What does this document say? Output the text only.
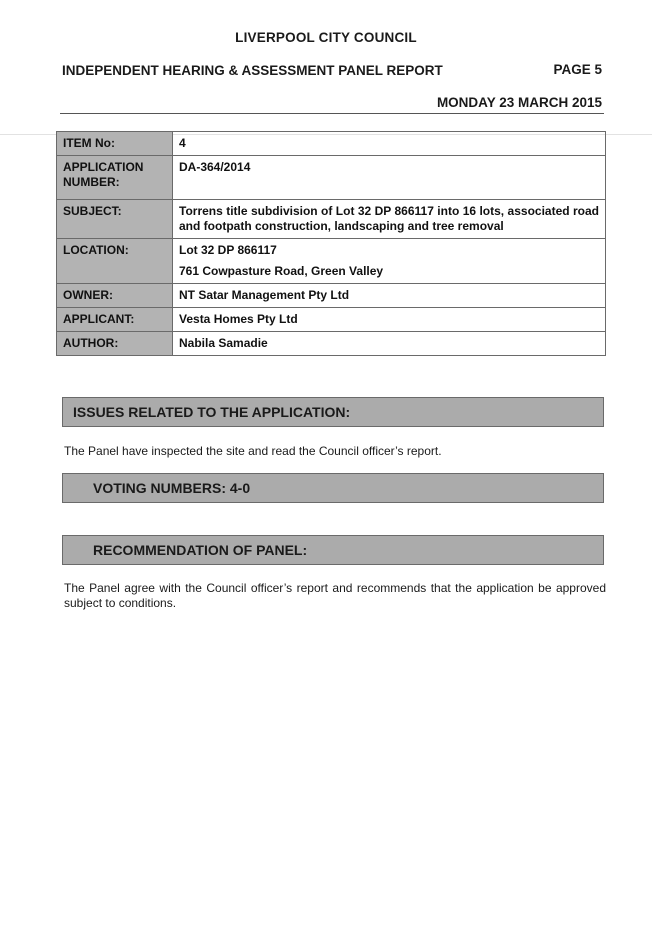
LIVERPOOL CITY COUNCIL
INDEPENDENT HEARING & ASSESSMENT PANEL REPORT	PAGE 5
MONDAY 23 MARCH 2015
ITEM No:	4
APPLICATION NUMBER:	DA-364/2014
SUBJECT:	Torrens title subdivision of Lot 32 DP 866117 into 16 lots, associated road and footpath construction, landscaping and tree removal
LOCATION:	Lot 32 DP 866117
761 Cowpasture Road, Green Valley

OWNER:	NT Satar Management Pty Ltd
APPLICANT:	Vesta Homes Pty Ltd
AUTHOR:	Nabila Samadie
ISSUES RELATED TO THE APPLICATION:
The Panel have inspected the site and read the Council officer’s report.
VOTING NUMBERS: 4-0
RECOMMENDATION OF PANEL:
The Panel agree with the Council officer’s report and recommends that the application be approved subject to conditions.
